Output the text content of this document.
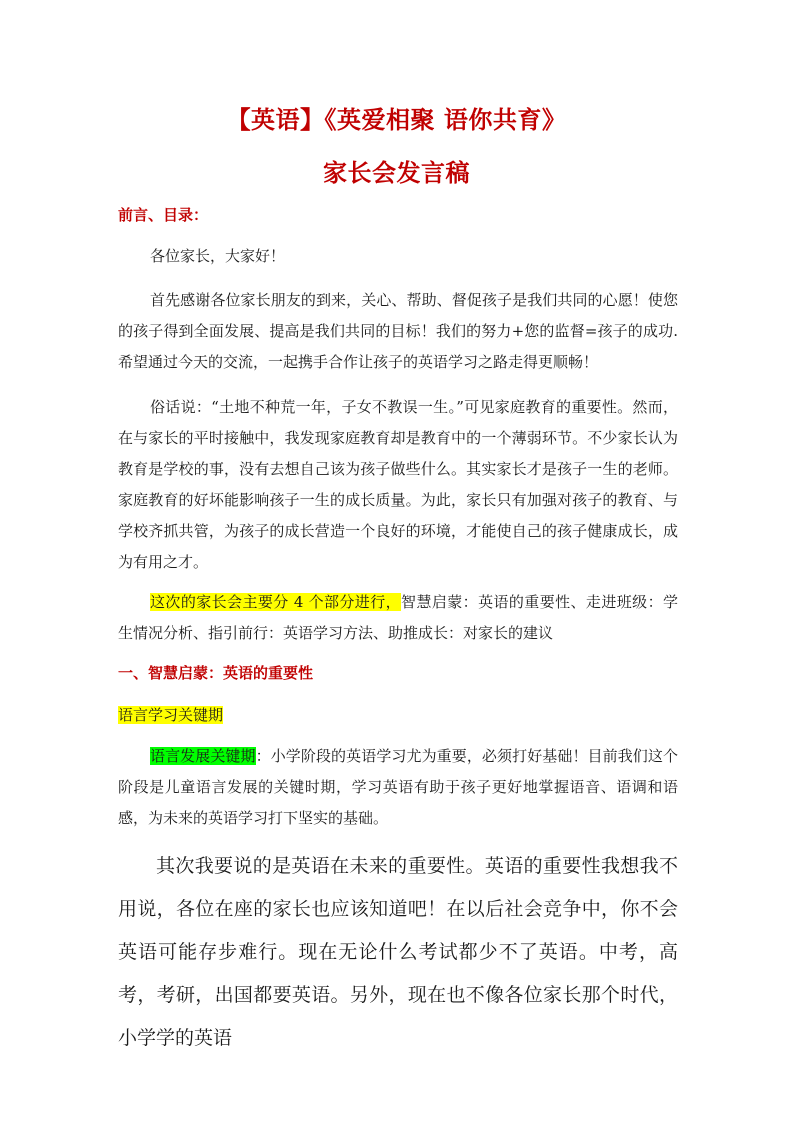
【英语】《英爱相聚 语你共育》
家长会发言稿

前言、目录：

各位家长，大家好！

首先感谢各位家长朋友的到来，关心、帮助、督促孩子是我们共同的心愿！使您的孩子得到全面发展、提高是我们共同的目标！我们的努力+您的监督=孩子的成功. 希望通过今天的交流，一起携手合作让孩子的英语学习之路走得更顺畅！

俗话说：“土地不种荒一年，子女不教误一生。”可见家庭教育的重要性。然而，在与家长的平时接触中，我发现家庭教育却是教育中的一个薄弱环节。不少家长认为教育是学校的事，没有去想自己该为孩子做些什么。其实家长才是孩子一生的老师。家庭教育的好坏能影响孩子一生的成长质量。为此，家长只有加强对孩子的教育、与学校齐抓共管，为孩子的成长营造一个良好的环境，才能使自己的孩子健康成长，成为有用之才。

这次的家长会主要分 4 个部分进行，智慧启蒙：英语的重要性、走进班级：学生情况分析、指引前行：英语学习方法、助推成长：对家长的建议

一、智慧启蒙：英语的重要性

语言学习关键期

语言发展关键期：小学阶段的英语学习尤为重要，必须打好基础！目前我们这个阶段是儿童语言发展的关键时期，学习英语有助于孩子更好地掌握语音、语调和语感，为未来的英语学习打下坚实的基础。

其次我要说的是英语在未来的重要性。英语的重要性我想我不用说，各位在座的家长也应该知道吧！在以后社会竞争中，你不会英语可能存步难行。现在无论什么考试都少不了英语。中考，高考，考研，出国都要英语。另外，现在也不像各位家长那个时代，小学学的英语
